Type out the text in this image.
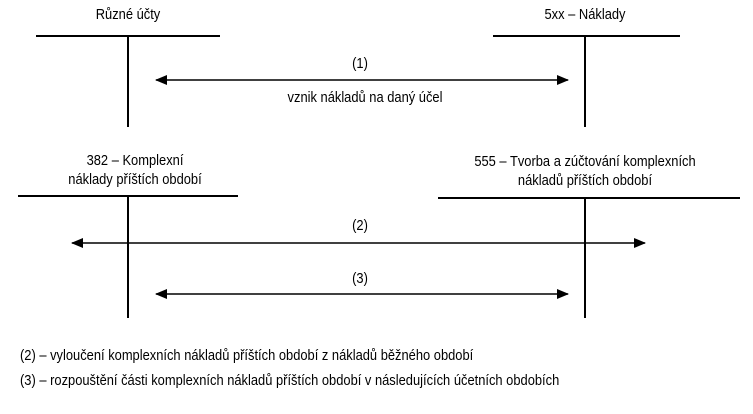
Různé účty	5xx – Náklady
382 – Komplexní
náklady příštích období
555 – Tvorba a zúčtování komplexních
nákladů příštích období
(1)
vznik nákladů na daný účel
(2)
(3)
(2) – vyloučení komplexních nákladů příštích období z nákladů běžného období
(3) – rozpouštění části komplexních nákladů příštích období v následujících účetních obdobích
